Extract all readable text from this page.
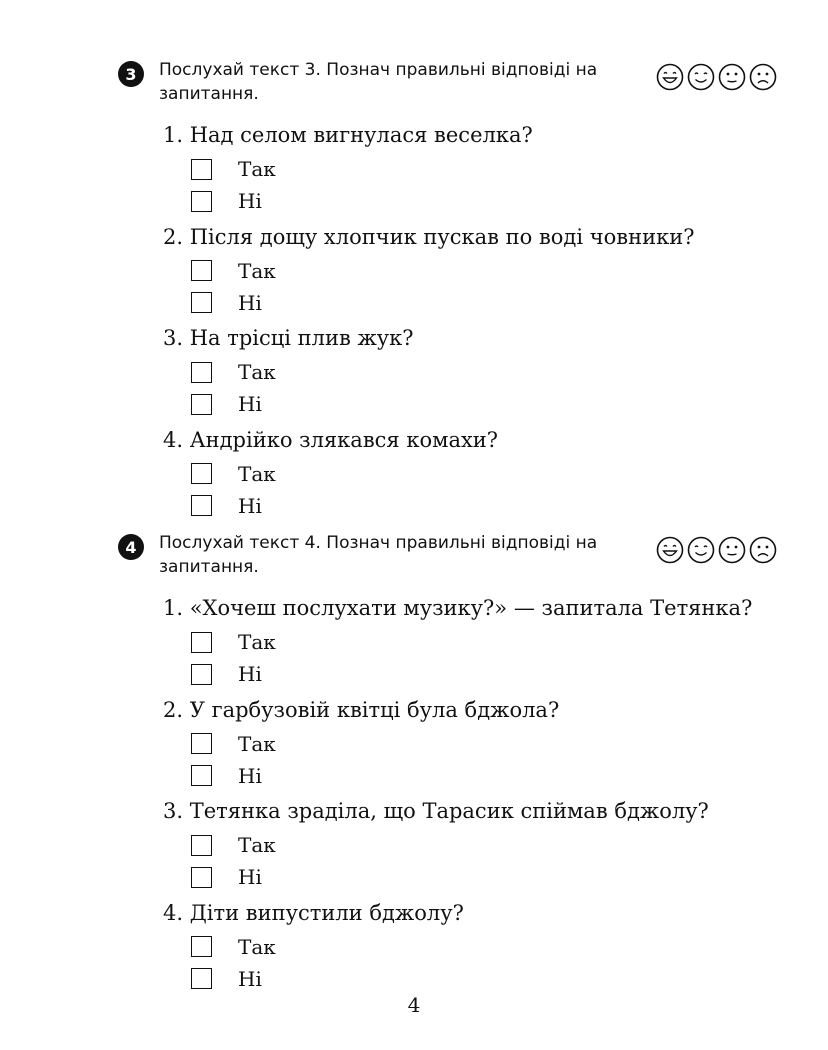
3	Послухай текст 3. Познач правильні відповіді на запитання.
1. Над селом вигнулася веселка?
Так
Ні
2. Після дощу хлопчик пускав по воді човники?
Так
Ні
3. На трісці плив жук?
Так
Ні
4. Андрійко злякався комахи?
Так
Ні
4	Послухай текст 4. Познач правильні відповіді на запитання.
1. «Хочеш послухати музику?» — запитала Тетянка?
Так
Ні
2. У гарбузовій квітці була бджола?
Так
Ні
3. Тетянка зраділа, що Тарасик спіймав бджолу?
Так
Ні
4. Діти випустили бджолу?
Так
Ні
4
